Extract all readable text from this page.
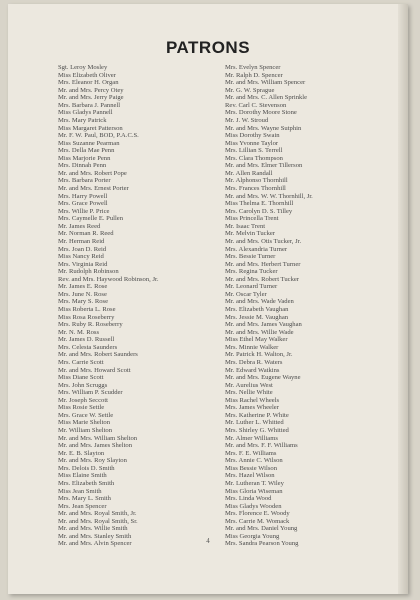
PATRONS
Sgt. Leroy Mosley
Miss Elizabeth Oliver
Mrs. Eleanor H. Organ
Mr. and Mrs. Percy Otey
Mr. and Mrs. Jerry Paige
Mrs. Barbara J. Pannell
Miss Gladys Pannell
Mrs. Mary Patrick
Miss Margaret Patterson
Mr. F. W. Paul, BOD, P.A.C.S.
Miss Suzanne Pearman
Mrs. Della Mae Penn
Miss Marjorie Penn
Mrs. Dinnah Penn
Mr. and Mrs. Robert Pope
Mrs. Barbara Porter
Mr. and Mrs. Ernest Porter
Mrs. Harry Powell
Mrs. Grace Powell
Mrs. Willie P. Price
Mrs. Caymelle E. Pullen
Mr. James Reed
Mr. Norman R. Reed
Mr. Herman Reid
Mrs. Joan D. Reid
Miss Nancy Reid
Mrs. Virginia Reid
Mr. Rudolph Robinson
Rev. and Mrs. Haywood Robinson, Jr.
Mr. James E. Rose
Mrs. June N. Rose
Mrs. Mary S. Rose
Miss Roberta L. Rose
Miss Rosa Roseberry
Mrs. Ruby R. Roseberry
Mr. N. M. Ross
Mr. James D. Russell
Mrs. Celesta Saunders
Mr. and Mrs. Robert Saunders
Mrs. Carrie Scott
Mr. and Mrs. Howard Scott
Miss Diane Scott
Mrs. John Scruggs
Mrs. William P. Scudder
Mr. Joseph Seccott
Miss Rosie Settle
Mrs. Grace W. Settle
Miss Marie Shelton
Mr. William Shelton
Mr. and Mrs. William Shelton
Mr. and Mrs. James Shelton
Mr. E. B. Slayton
Mr. and Mrs. Roy Slayton
Mrs. Delois D. Smith
Miss Elaine Smith
Mrs. Elizabeth Smith
Miss Jean Smith
Mrs. Mary L. Smith
Mrs. Jean Spencer
Mr. and Mrs. Royal Smith, Jr.
Mr. and Mrs. Royal Smith, Sr.
Mr. and Mrs. Willie Smith
Mr. and Mrs. Stanley Smith
Mr. and Mrs. Alvin Spencer
Mrs. Evelyn Spencer
Mr. Ralph D. Spencer
Mr. and Mrs. William Spencer
Mr. G. W. Sprague
Mr. and Mrs. C. Allen Sprinkle
Rev. Carl C. Stevenson
Mrs. Dorothy Moore Stone
Mr. J. W. Stroud
Mr. and Mrs. Wayne Sutphin
Miss Dorothy Swain
Miss Yvonne Taylor
Mrs. Lillian S. Terrell
Mrs. Clara Thompson
Mr. and Mrs. Elmer Tillerson
Mr. Allen Randall
Mr. Alphonso Thornhill
Mrs. Frances Thornhill
Mr. and Mrs. W. W. Thornhill, Jr.
Miss Thelma E. Thornhill
Mrs. Carolyn D. S. Tilley
Miss Princella Trent
Mr. Isaac Trent
Mr. Melvin Tucker
Mr. and Mrs. Otis Tucker, Jr.
Mrs. Alexandria Turner
Mrs. Bessie Turner
Mr. and Mrs. Herbert Turner
Mrs. Regina Tucker
Mr. and Mrs. Robert Tucker
Mr. Leonard Turner
Mr. Oscar Tyler
Mr. and Mrs. Wade Vaden
Mrs. Elizabeth Vaughan
Mrs. Jessie M. Vaughan
Mr. and Mrs. James Vaughan
Mr. and Mrs. Willie Wade
Miss Ethel May Walker
Mrs. Minnie Walker
Mr. Patrick H. Walton, Jr.
Mrs. Debra R. Waters
Mr. Edward Watkins
Mr. and Mrs. Eugene Wayne
Mr. Aurelius West
Mrs. Nellie White
Miss Rachel Wheels
Mrs. James Wheeler
Mrs. Katherine P. White
Mr. Luther L. Whitted
Mrs. Shirley G. Whitted
Mr. Almer Williams
Mr. and Mrs. F. F. Williams
Mrs. F. E. Williams
Mrs. Annie C. Wilson
Miss Bessie Wilson
Mrs. Hazel Wilson
Mr. Lutheran T. Wiley
Miss Gloria Wiseman
Mrs. Linda Wood
Miss Gladys Wooden
Mrs. Florence E. Woody
Mrs. Carrie M. Womack
Mr. and Mrs. Daniel Young
Miss Georgia Young
Mrs. Sandra Pearson Young
4
